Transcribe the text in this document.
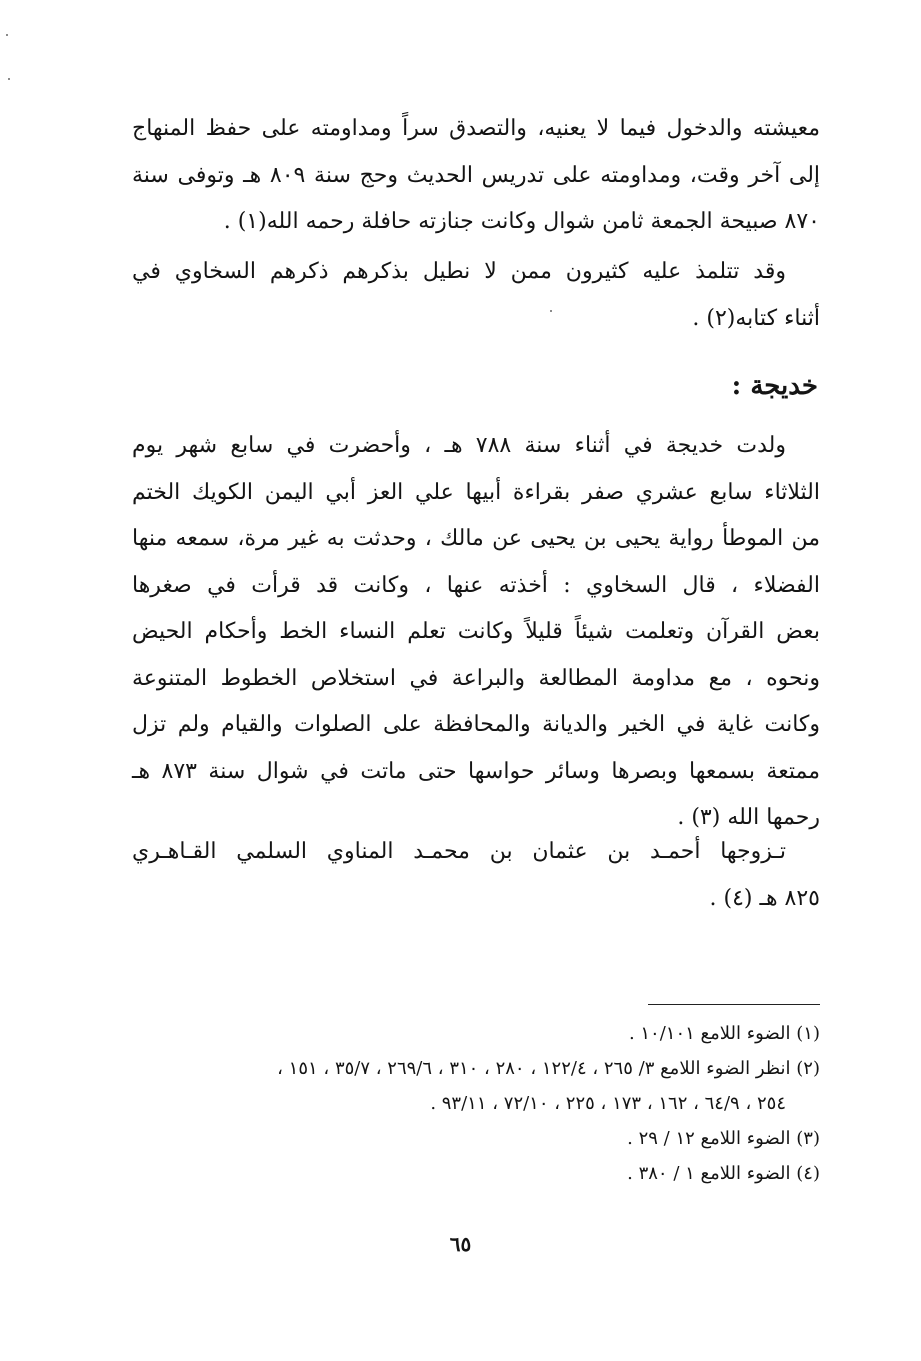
معيشته والدخول فيما لا يعنيه، والتصدق سراً ومداومته على حفظ المنهاج
إلى آخر وقت، ومداومته على تدريس الحديث وحج سنة ٨٠٩ هـ وتوفى سنة
٨٧٠ صبيحة الجمعة ثامن شوال وكانت جنازته حافلة رحمه الله(١) .
وقد تتلمذ عليه كثيرون ممن لا نطيل بذكرهم ذكرهم السخاوي في
أثناء كتابه(٢) .
خديجة :
ولدت خديجة في أثناء سنة ٧٨٨ هـ ، وأحضرت في سابع شهر يوم
الثلاثاء سابع عشري صفر بقراءة أبيها علي العز أبي اليمن الكويك الختم
من الموطأ رواية يحيى بن يحيى عن مالك ، وحدثت به غير مرة، سمعه منها
الفضلاء ، قال السخاوي : أخذته عنها ، وكانت قد قرأت في صغرها
بعض القرآن وتعلمت شيئاً قليلاً وكانت تعلم النساء الخط وأحكام الحيض
ونحوه ، مع مداومة المطالعة والبراعة في استخلاص الخطوط المتنوعة
وكانت غاية في الخير والديانة والمحافظة على الصلوات والقيام ولم تزل
ممتعة بسمعها وبصرها وسائر حواسها حتى ماتت في شوال سنة ٨٧٣ هـ
رحمها الله (٣) .
تـزوجها أحمـد بن عثمان بن محمـد المناوي السلمي القـاهـري
٨٢٥ هـ (٤) .
(١) الضوء اللامع ١٠/١٠١ .
(٢) انظر الضوء اللامع ٣/ ٢٦٥ ، ١٢٢/٤ ، ٢٨٠ ، ٣١٠ ، ٢٦٩/٦ ، ٣٥/٧ ، ١٥١ ،
٢٥٤ ، ٦٤/٩ ، ١٦٢ ، ١٧٣ ، ٢٢٥ ، ٧٢/١٠ ، ٩٣/١١ .
(٣) الضوء اللامع ١٢ / ٢٩ .
(٤) الضوء اللامع ١ / ٣٨٠ .
٦٥
